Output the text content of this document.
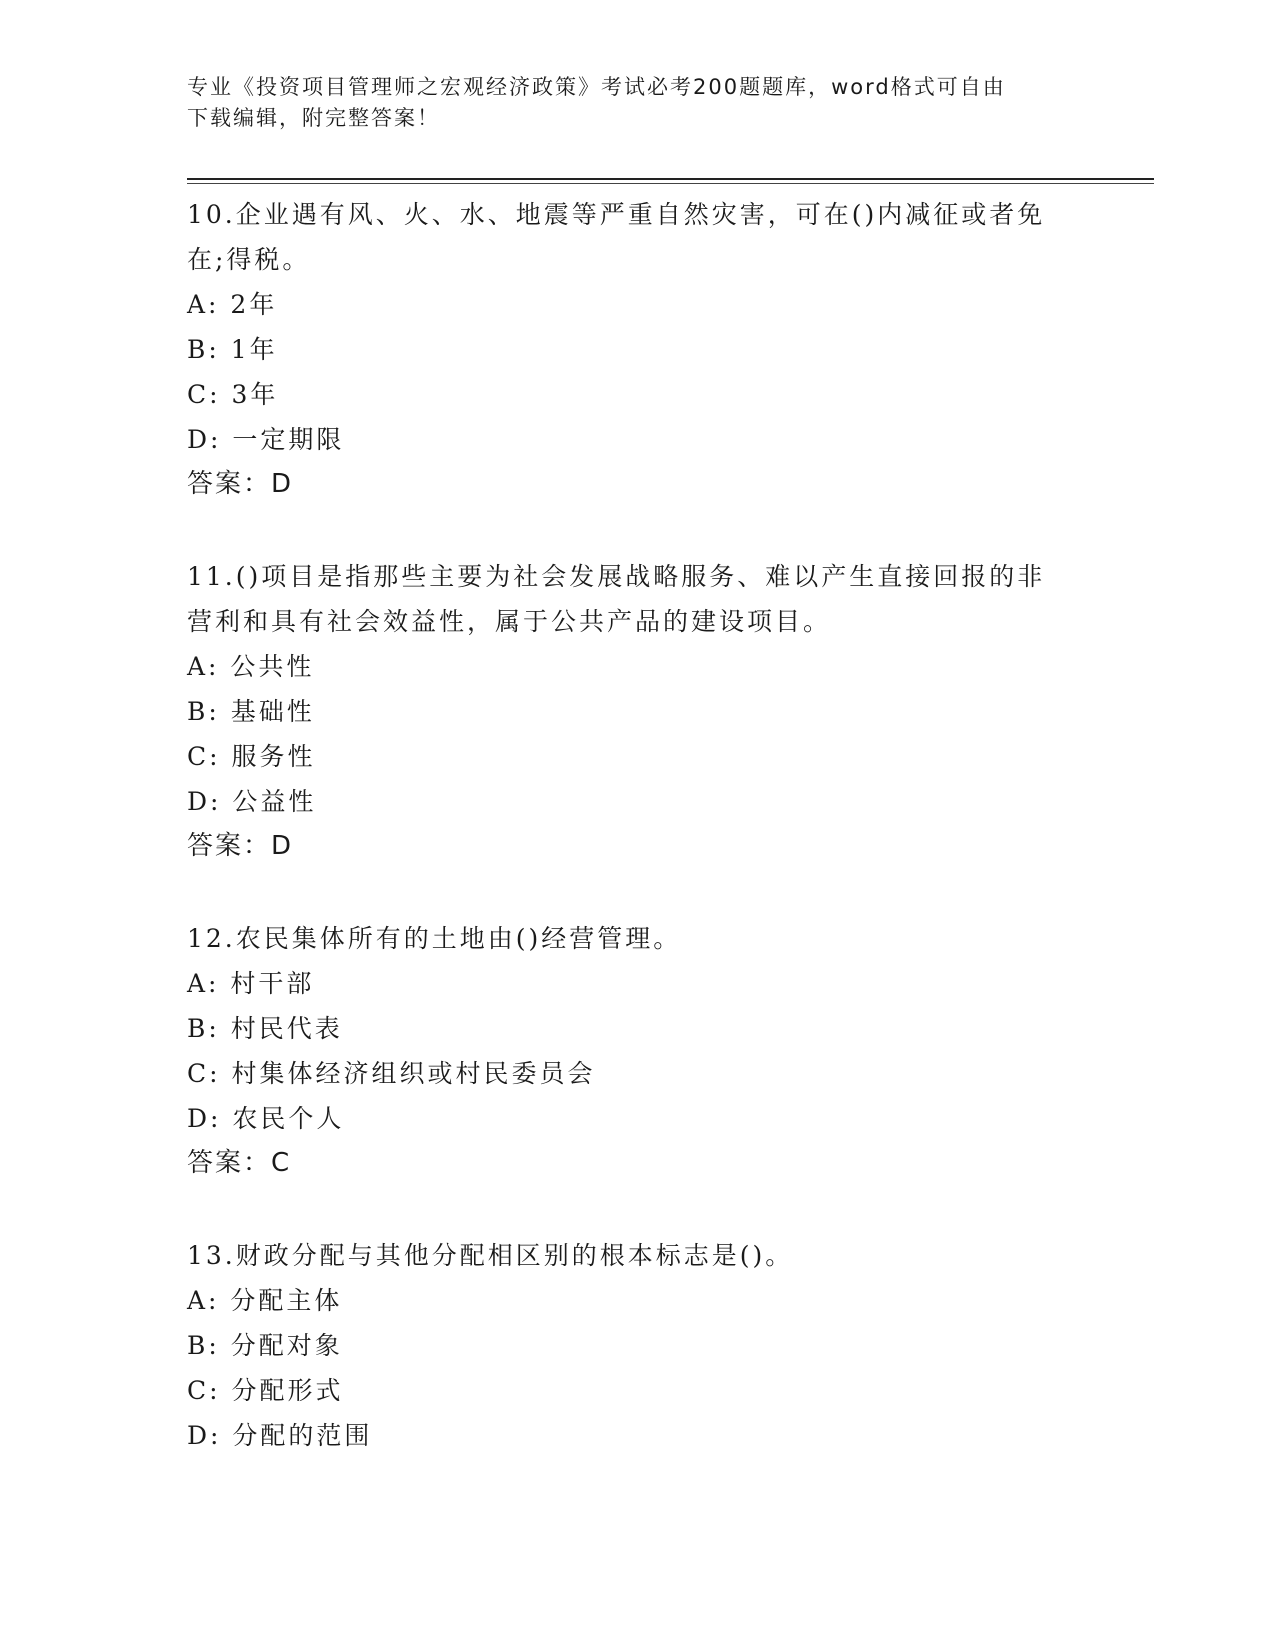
专业《投资项目管理师之宏观经济政策》考试必考200题题库，word格式可自由
下载编辑，附完整答案！
10.企业遇有风、火、水、地震等严重自然灾害，可在()内减征或者免
在;得税。
A: 2年
B: 1年
C: 3年
D: 一定期限
答案：D
11.()项目是指那些主要为社会发展战略服务、难以产生直接回报的非
营利和具有社会效益性，属于公共产品的建设项目。
A: 公共性
B: 基础性
C: 服务性
D: 公益性
答案：D
12.农民集体所有的土地由()经营管理。
A: 村干部
B: 村民代表
C: 村集体经济组织或村民委员会
D: 农民个人
答案：C
13.财政分配与其他分配相区别的根本标志是()。
A: 分配主体
B: 分配对象
C: 分配形式
D: 分配的范围
